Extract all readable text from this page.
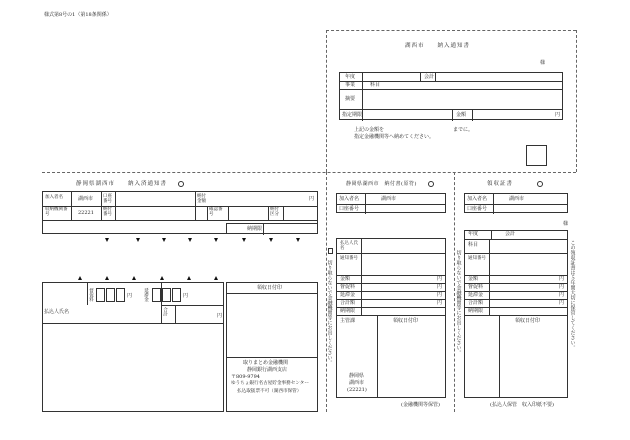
様式第8号の1（第18条関係）
湖西市　　納入通知書
様
年度	会計
事業	科目
摘要
指定期限	金額	円
上記の金額を	までに。
指定金融機関等へ納めてください。
静岡県湖西市　　納入済通知書
加入者名	湖西市 口座番号
納付金額	円
収納機関番号	22221
納付番号
確認番号
納付区分
納期限
督促料	円	延滞金	円
払込人氏名	合計	円
領収日付印
取りまとめ金融機関
静岡銀行湖西支店
〒809-9794
ゆうちょ銀行名古屋貯金事務センター
払込取扱票不可（湖西市保管）
静岡県湖西市　納付書(原符)
加入者名	湖西市
口座番号
切り取らないで金融機関等にお出しください。
払込人氏名
通知番号
金額	円
督促料	円
延滞金	円
合計額	円
納期限
主管課	領収日付印
静岡県
湖西市
(22221)
(金融機関等保管)
領収証書
加入者名	湖西市
口座番号
様
切り取らないで金融機関等にお出しください。
年度	会計
科目
通知番号
金額	円
督促料	円
延滞金	円
合計額	円
納期限
領収日付印	この領収証書は５年間大切に保管してください。
(払込人保管　収入印紙不要)
